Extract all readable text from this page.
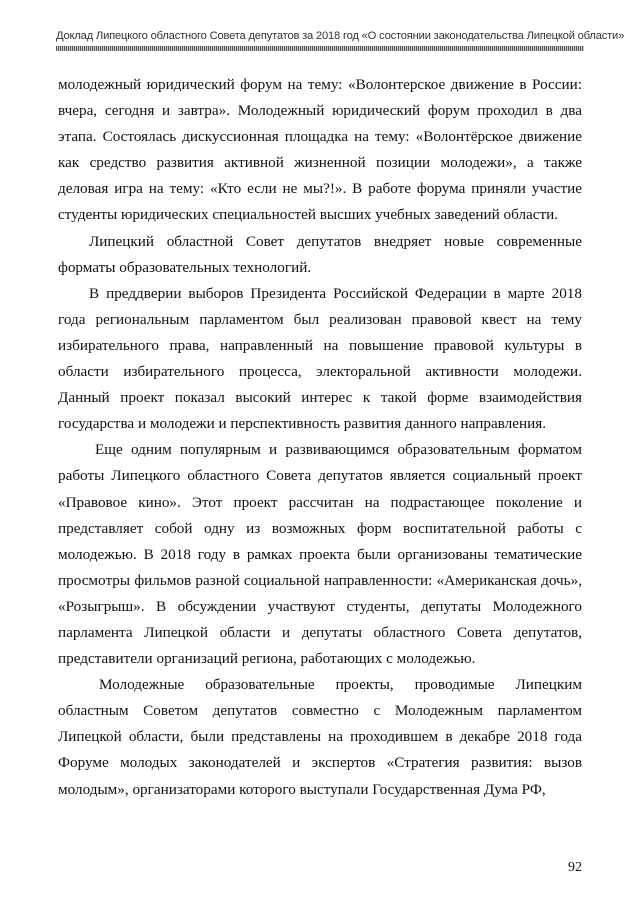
Доклад Липецкого областного Совета депутатов за 2018 год «О состоянии законодательства Липецкой области»

молодежный юридический форум на тему: «Волонтерское движение в России: вчера, сегодня и завтра». Молодежный юридический форум проходил в два этапа. Состоялась дискуссионная площадка на тему: «Волонтёрское движение как средство развития активной жизненной позиции молодежи», а также деловая игра на тему: «Кто если не мы?!». В работе форума приняли участие студенты юридических специальностей высших учебных заведений области.

Липецкий областной Совет депутатов внедряет новые современные форматы образовательных технологий.

В преддверии выборов Президента Российской Федерации в марте 2018 года региональным парламентом был реализован правовой квест на тему избирательного права, направленный на повышение правовой культуры в области избирательного процесса, электоральной активности молодежи. Данный проект показал высокий интерес к такой форме взаимодействия государства и молодежи и перспективность развития данного направления.

Еще одним популярным и развивающимся образовательным форматом работы Липецкого областного Совета депутатов является социальный проект «Правовое кино». Этот проект рассчитан на подрастающее поколение и представляет собой одну из возможных форм воспитательной работы с молодежью. В 2018 году в рамках проекта были организованы тематические просмотры фильмов разной социальной направленности: «Американская дочь», «Розыгрыш». В обсуждении участвуют студенты, депутаты Молодежного парламента Липецкой области и депутаты областного Совета депутатов, представители организаций региона, работающих с молодежью.

Молодежные образовательные проекты, проводимые Липецким областным Советом депутатов совместно с Молодежным парламентом Липецкой области, были представлены на проходившем в декабре 2018 года Форуме молодых законодателей и экспертов «Стратегия развития: вызов молодым», организаторами которого выступали Государственная Дума РФ,

92
